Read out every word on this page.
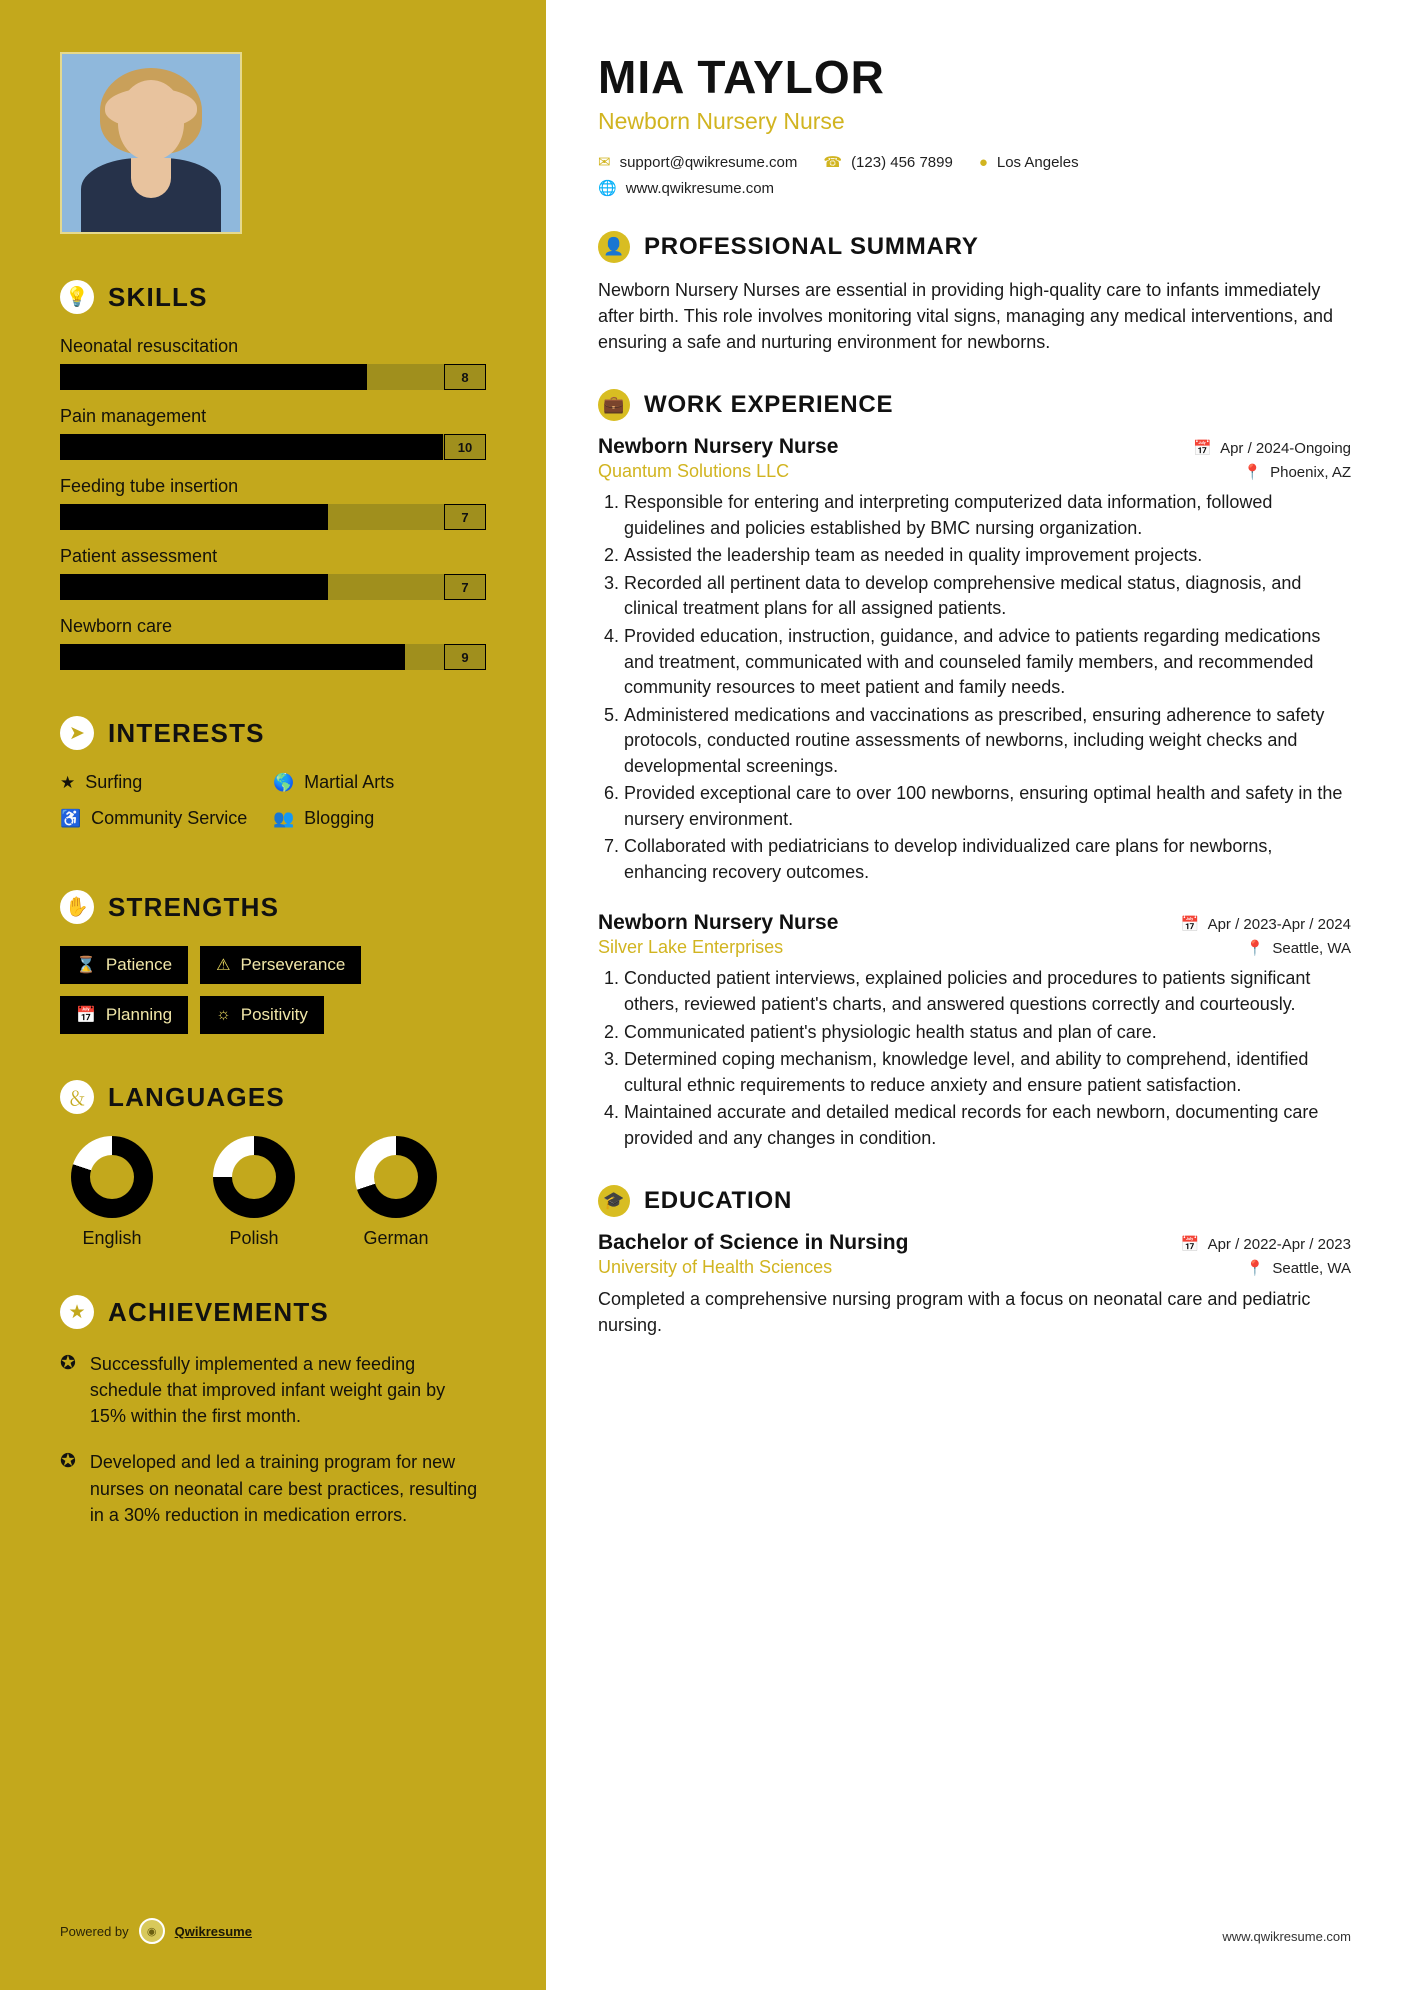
💡 SKILLS
Neonatal resuscitation
8
Pain management
10
Feeding tube insertion
7
Patient assessment
7
Newborn care
9
➤ INTERESTS
★ Surfing	🌎 Martial Arts
♿ Community Service 👥 Blogging
✋ STRENGTHS
⌛ Patience	⚠ Perseverance
📅 Planning	☼ Positivity
＆ LANGUAGES
English	Polish	German
★ ACHIEVEMENTS
✪ Successfully implemented a new feeding schedule that improved infant weight gain by 15% within the first month.
✪ Developed and led a training program for new nurses on neonatal care best practices, resulting in a 30% reduction in medication errors.
Powered by	◉	Qwikresume
MIA TAYLOR
Newborn Nursery Nurse
✉ support@qwikresume.com ☎ (123) 456 7899 ● Los Angeles
🌐 www.qwikresume.com
👤 PROFESSIONAL SUMMARY
Newborn Nursery Nurses are essential in providing high-quality care to infants immediately after birth. This role involves monitoring vital signs, managing any medical interventions, and ensuring a safe and nurturing environment for newborns.
💼 WORK EXPERIENCE
Newborn Nursery Nurse	📅 Apr / 2024-Ongoing
Quantum Solutions LLC	📍 Phoenix, AZ
1. Responsible for entering and interpreting computerized data information, followed guidelines and policies established by BMC nursing organization.
2. Assisted the leadership team as needed in quality improvement projects.
3. Recorded all pertinent data to develop comprehensive medical status, diagnosis, and clinical treatment plans for all assigned patients.
4. Provided education, instruction, guidance, and advice to patients regarding medications and treatment, communicated with and counseled family members, and recommended community resources to meet patient and family needs.
5. Administered medications and vaccinations as prescribed, ensuring adherence to safety protocols, conducted routine assessments of newborns, including weight checks and developmental screenings.
6. Provided exceptional care to over 100 newborns, ensuring optimal health and safety in the nursery environment.
7. Collaborated with pediatricians to develop individualized care plans for newborns, enhancing recovery outcomes.
Newborn Nursery Nurse	📅 Apr / 2023-Apr / 2024
Silver Lake Enterprises	📍 Seattle, WA
1. Conducted patient interviews, explained policies and procedures to patients significant others, reviewed patient's charts, and answered questions correctly and courteously.
2. Communicated patient's physiologic health status and plan of care.
3. Determined coping mechanism, knowledge level, and ability to comprehend, identified cultural ethnic requirements to reduce anxiety and ensure patient satisfaction.
4. Maintained accurate and detailed medical records for each newborn, documenting care provided and any changes in condition.
🎓 EDUCATION
Bachelor of Science in Nursing	📅 Apr / 2022-Apr / 2023
University of Health Sciences	📍 Seattle, WA
Completed a comprehensive nursing program with a focus on neonatal care and pediatric nursing.
www.qwikresume.com
